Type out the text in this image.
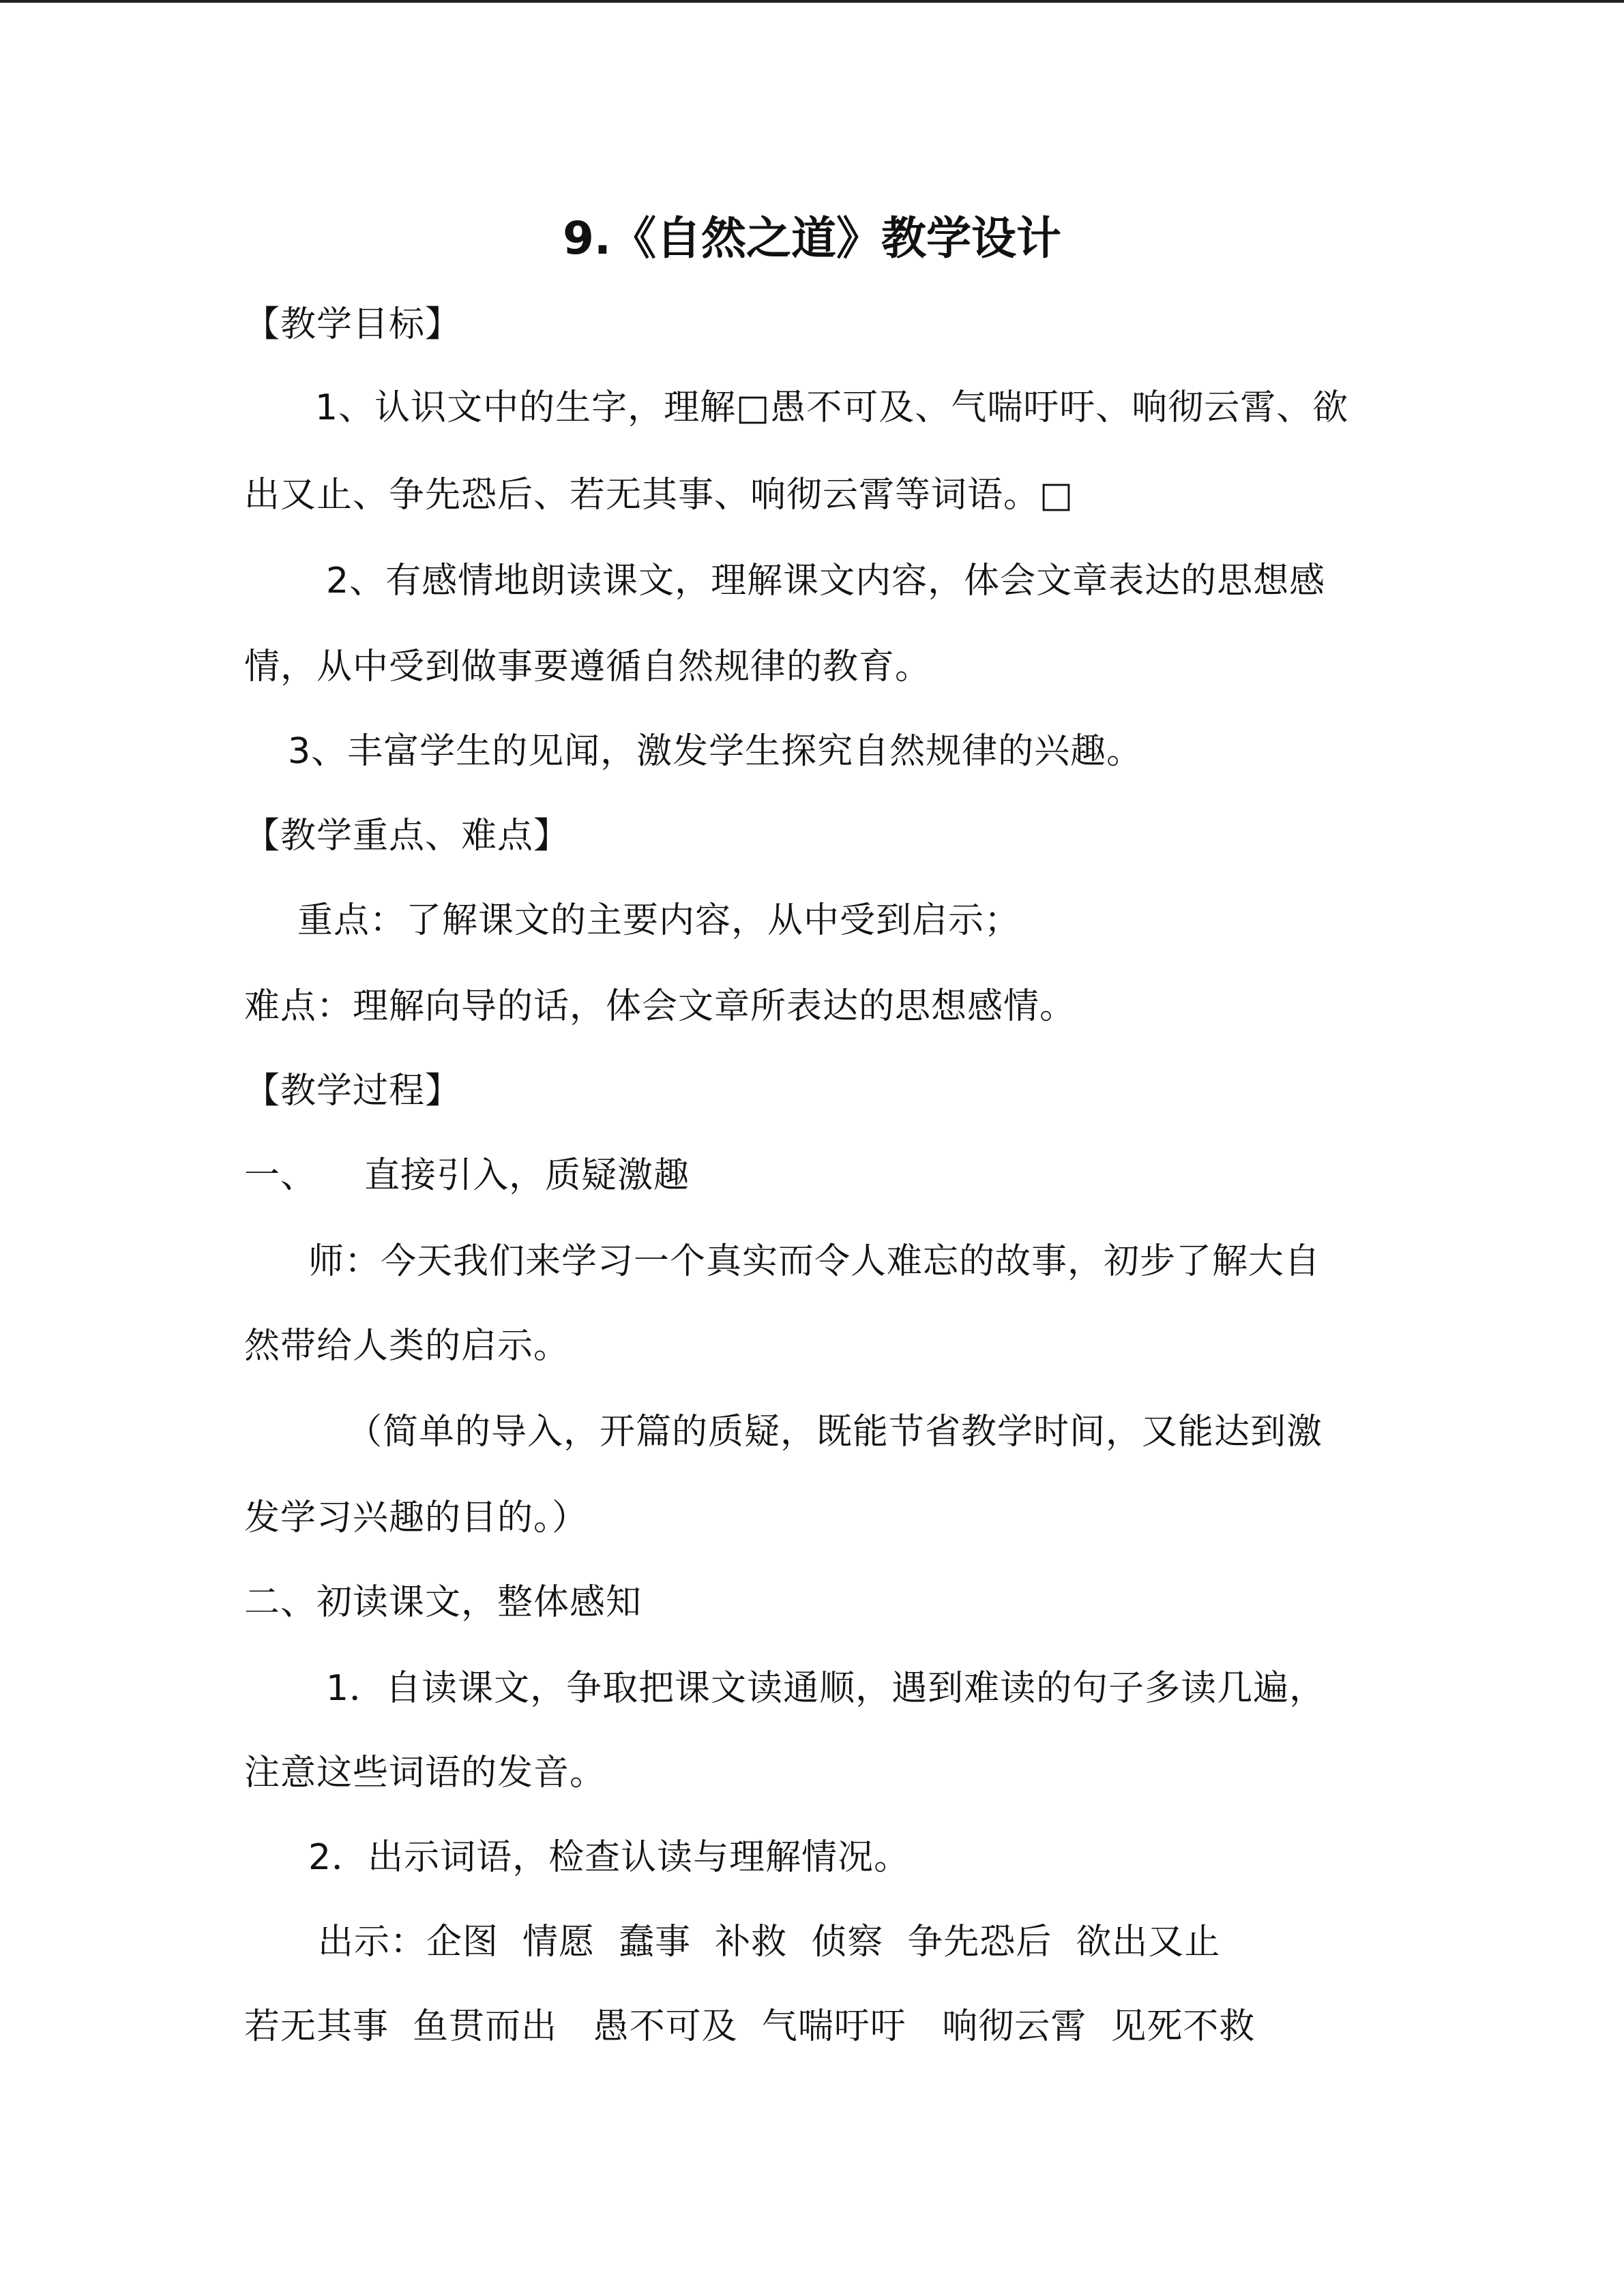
9.《自然之道》教学设计
【教学目标】
1、认识文中的生字，理解□愚不可及、气喘吁吁、响彻云霄、欲
出又止、争先恐后、若无其事、响彻云霄等词语。□
2、有感情地朗读课文，理解课文内容，体会文章表达的思想感
情，从中受到做事要遵循自然规律的教育。
3、丰富学生的见闻，激发学生探究自然规律的兴趣。
【教学重点、难点】
重点：了解课文的主要内容，从中受到启示；
难点：理解向导的话，体会文章所表达的思想感情。
【教学过程】
一、    直接引入，质疑激趣
师：今天我们来学习一个真实而令人难忘的故事，初步了解大自
然带给人类的启示。
（简单的导入，开篇的质疑，既能节省教学时间，又能达到激
发学习兴趣的目的。）
二、初读课文，整体感知
1．自读课文，争取把课文读通顺，遇到难读的句子多读几遍，
注意这些词语的发音。
2．出示词语，检查认读与理解情况。
出示：企图  情愿  蠢事  补救  侦察  争先恐后  欲出又止
若无其事  鱼贯而出   愚不可及  气喘吁吁   响彻云霄  见死不救
